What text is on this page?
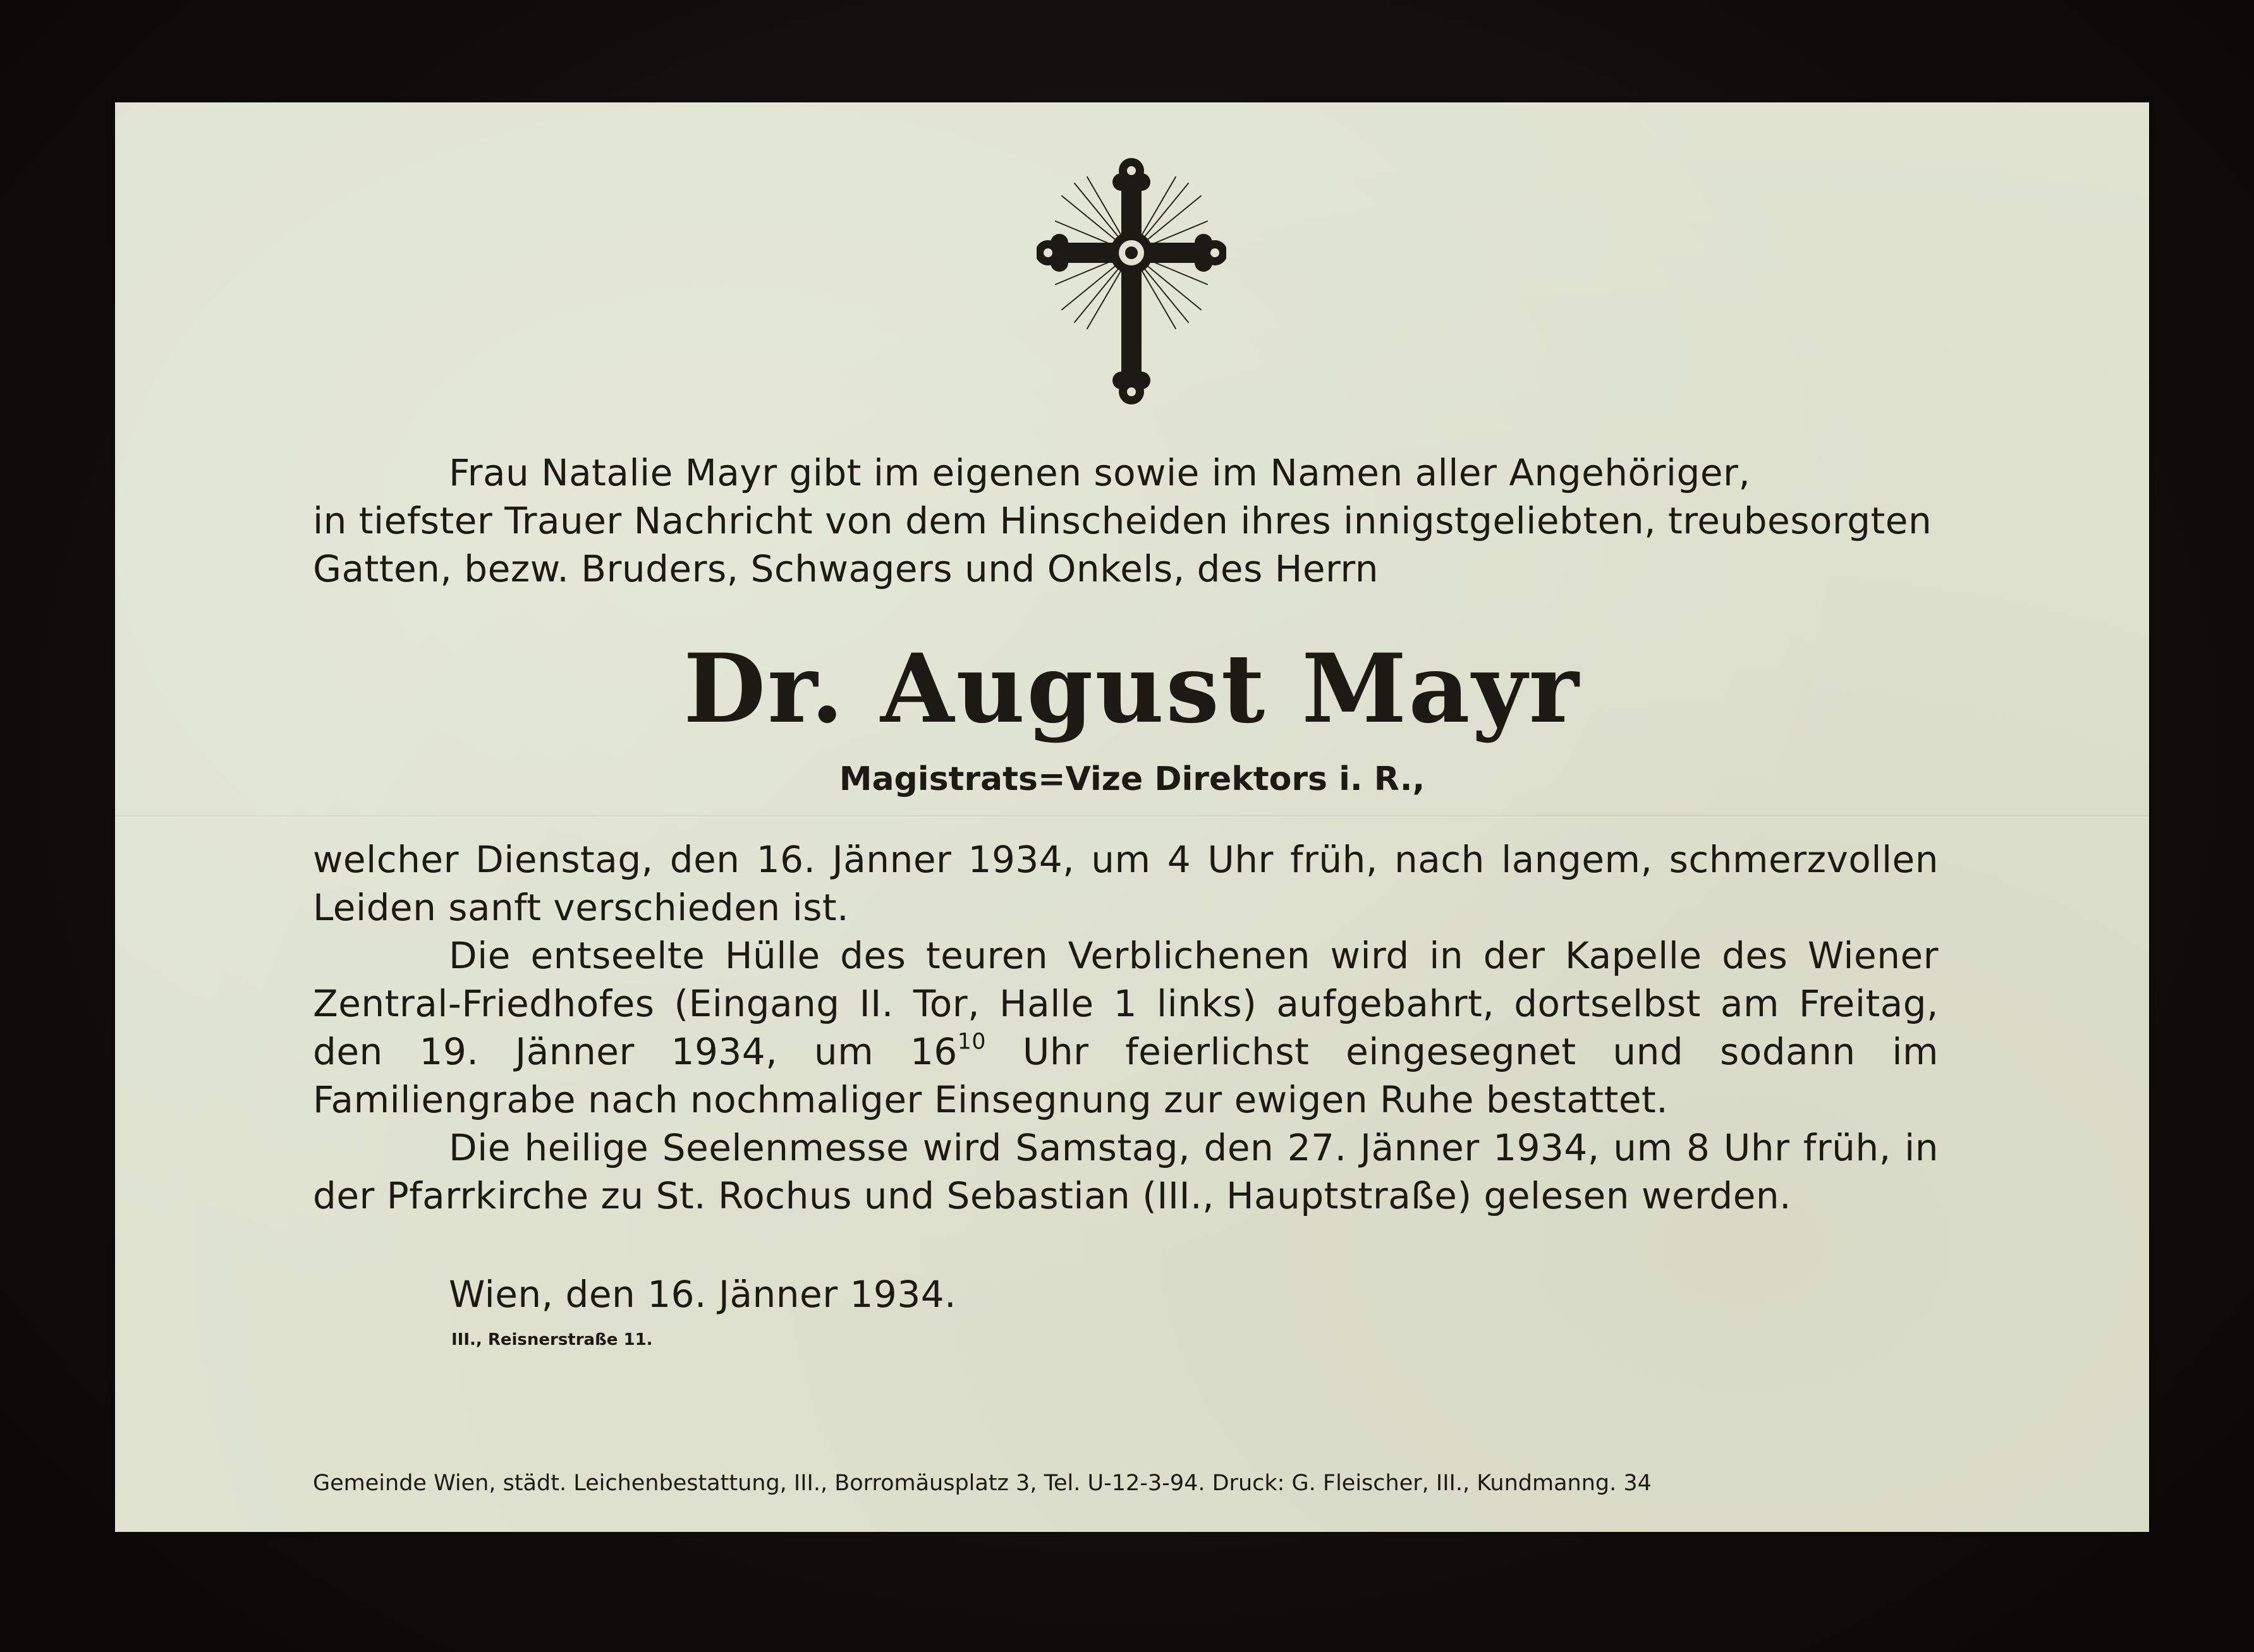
Frau Natalie Mayr gibt im eigenen sowie im Namen aller Angehöriger,

in tiefster Trauer Nachricht von dem Hinscheiden ihres innigstgeliebten, treubesorgten

Gatten, bezw. Bruders, Schwagers und Onkels, des Herrn

Dr. August Mayr
Magistrats=Vize Direktors i. R.,

welcher Dienstag, den 16. Jänner 1934, um 4 Uhr früh, nach langem, schmerzvollen Leiden sanft verschieden ist.

Die entseelte Hülle des teuren Verblichenen wird in der Kapelle des Wiener Zentral-Friedhofes (Eingang II. Tor, Halle 1 links) aufgebahrt, dortselbst am Freitag, den 19. Jänner 1934, um $16^{10}$ Uhr feierlichst eingesegnet und sodann im Familiengrabe nach nochmaliger Einsegnung zur ewigen Ruhe bestattet.

Die heilige Seelenmesse wird Samstag, den 27. Jänner 1934, um 8 Uhr früh, in der Pfarrkirche zu St. Rochus und Sebastian (III., Hauptstraße) gelesen werden.

Wien, den 16. Jänner 1934.
III., Reisnerstraße 11.
Gemeinde Wien, städt. Leichenbestattung, III., Borromäusplatz 3, Tel. U-12-3-94. Druck: G. Fleischer, III., Kundmanng. 34
